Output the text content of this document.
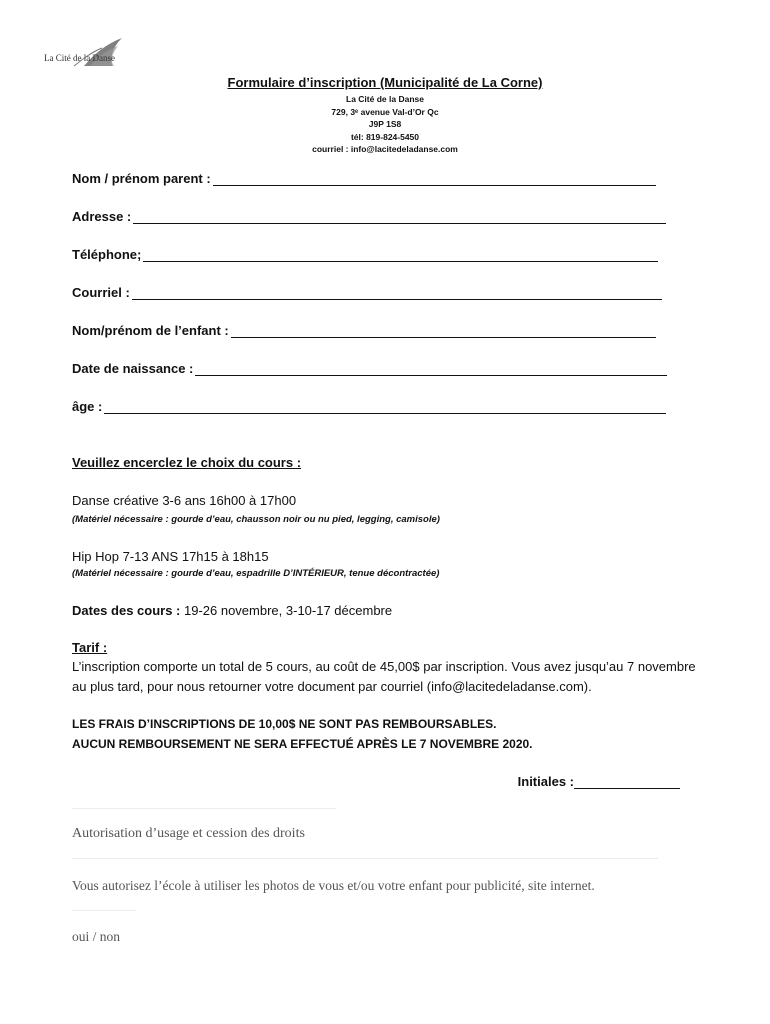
La Cité de la Danse
Formulaire d’inscription (Municipalité de La Corne)
La Cité de la Danse
729, 3ᵉ avenue Val-d’Or Qc
J9P 1S8
tél: 819-824-5450
courriel : info@lacitedeladanse.com
Nom / prénom parent :
Adresse :
Téléphone;
Courriel :
Nom/prénom de l’enfant :
Date de naissance :
âge :
Veuillez encerclez le choix du cours :
Danse créative 3-6 ans 16h00 à 17h00
(Matériel nécessaire : gourde d’eau, chausson noir ou nu pied, legging, camisole)
Hip Hop 7-13 ANS 17h15 à 18h15
(Matériel nécessaire : gourde d’eau, espadrille D’INTÉRIEUR, tenue décontractée)
Dates des cours : 19-26 novembre, 3-10-17 décembre
Tarif :
L’inscription comporte un total de 5 cours, au coût de 45,00$ par inscription. Vous avez jusqu’au 7 novembre au plus tard, pour nous retourner votre document par courriel (info@lacitedeladanse.com).
LES FRAIS D’INSCRIPTIONS DE 10,00$ NE SONT PAS REMBOURSABLES.
AUCUN REMBOURSEMENT NE SERA EFFECTUÉ APRÈS LE 7 NOVEMBRE 2020.
Initiales :
Autorisation d’usage et cession des droits
Vous autorisez l’école à utiliser les photos de vous et/ou votre enfant pour publicité, site internet.
oui / non
